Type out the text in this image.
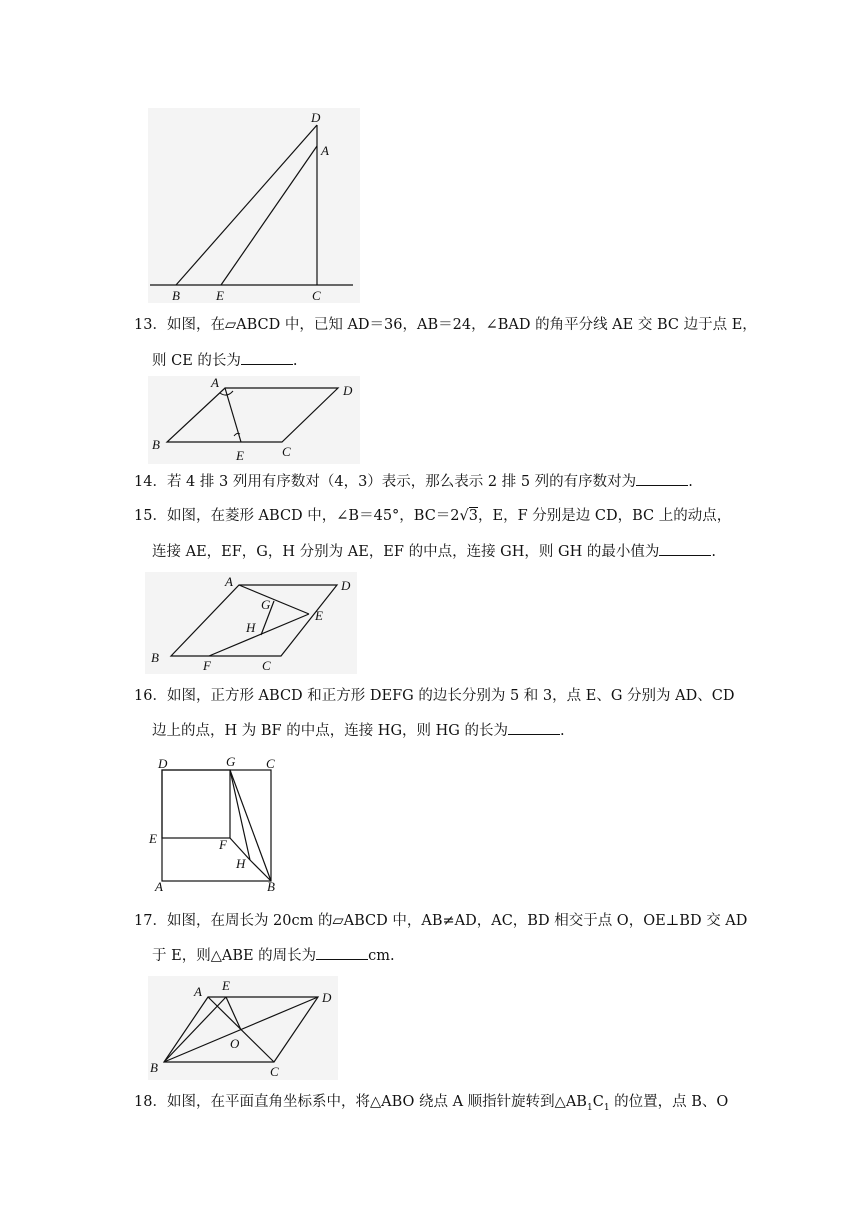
D
A
B	E	C
13．如图，在▱ABCD 中，已知 AD＝36，AB＝24，∠BAD 的角平分线 AE 交 BC 边于点 E，
则 CE 的长为	.
A
D
B
E	C
14．若 4 排 3 列用有序数对（4，3）表示，那么表示 2 排 5 列的有序数对为	.
15．如图，在菱形 ABCD 中，∠B＝45°，BC＝2√3，E，F 分别是边 CD，BC 上的动点，
连接 AE，EF，G，H 分别为 AE，EF 的中点，连接 GH，则 GH 的最小值为	.
A	D
G
E
H
B
F	C
16．如图，正方形 ABCD 和正方形 DEFG 的边长分别为 5 和 3，点 E、G 分别为 AD、CD
边上的点，H 为 BF 的中点，连接 HG，则 HG 的长为	.
D	G C
E	F
H
A	B
17．如图，在周长为 20cm 的▱ABCD 中，AB≠AD，AC，BD 相交于点 O，OE⊥BD 交 AD
于 E，则△ABE 的周长为	cm.
A E
D
O
B	C
18．如图，在平面直角坐标系中，将△ABO 绕点 A 顺指针旋转到$\triangle AB_1C_1$ 的位置，点 B、O
